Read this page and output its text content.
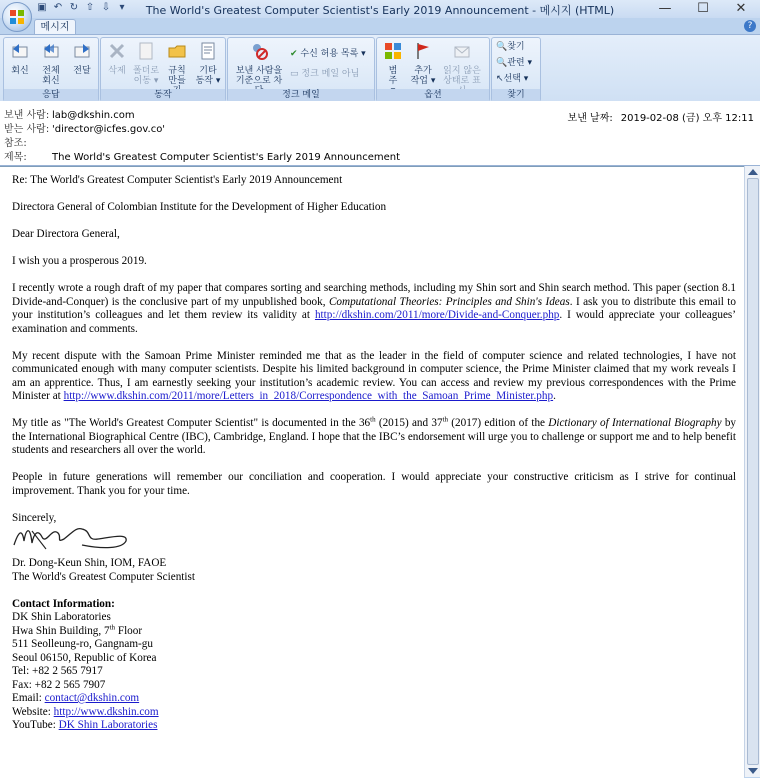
▣ ↶ ↻ ⇧ ⇩ ▾	The World's Greatest Computer Scientist's Early 2019 Announcement - 메시지 (HTML)	—	☐	✕
메시지	?
회신	전체 회신
전달
응답
삭제 폴더로 이동 ▾
규칙 만들
기타 동작 ▾
동작
보낸 사람을 기준으로 차
✔ 수신 허용 목록 ▾
▭ 정크 메일 아님
정크 메일
범주
추가 작업 ▾
읽지 않은 상태로 표
옵션
🔍찾기
🔍관련 ▾
↖선택 ▾
찾기
보낸 사람: lab@dkshin.com
받는 사람: 'director@icfes.gov.co'
참조:
제목:	The World's Greatest Computer Scientist's Early 2019 Announcement
보낸 날짜: 2019-02-08 (금) 오후 12:11

Re: The World's Greatest Computer Scientist's Early 2019 Announcement

Directora General of Colombian Institute for the Development of Higher Education

Dear Directora General,

I wish you a prosperous 2019.

I recently wrote a rough draft of my paper that compares sorting and searching methods, including my Shin sort and Shin search method. This paper (section 8.1 Divide-and-Conquer) is the conclusive part of my unpublished book, Computational Theories: Principles and Shin's Ideas. I ask you to distribute this email to your institution’s colleagues and let them review its validity at http://dkshin.com/2011/more/Divide-and-Conquer.php. I would appreciate your colleagues’ examination and comments.

My recent dispute with the Samoan Prime Minister reminded me that as the leader in the field of computer science and related technologies, I have not communicated enough with many computer scientists. Despite his limited background in computer science, the Prime Minister claimed that my work reveals I am an apprentice. Thus, I am earnestly seeking your institution’s academic review. You can access and review my previous correspondences with the Prime Minister at http://www.dkshin.com/2011/more/Letters_in_2018/Correspondence_with_the_Samoan_Prime_Minister.php.

My title as "The World's Greatest Computer Scientist" is documented in the 36th (2015) and 37th (2017) edition of the Dictionary of International Biography by the International Biographical Centre (IBC), Cambridge, England. I hope that the IBC’s endorsement will urge you to challenge or support me and to help benefit students and researchers all over the world.

People in future generations will remember our conciliation and cooperation. I would appreciate your constructive criticism as I strive for continual improvement. Thank you for your time.

Sincerely,
Dr. Dong-Keun Shin, IOM, FAOE
The World's Greatest Computer Scientist
Contact Information:
DK Shin Laboratories
Hwa Shin Building, 7th Floor
511 Seolleung-ro, Gangnam-gu
Seoul 06150, Republic of Korea
Tel: +82 2 565 7917
Fax: +82 2 565 7907
Email: contact@dkshin.com
Website: http://www.dkshin.com
YouTube: DK Shin Laboratories
